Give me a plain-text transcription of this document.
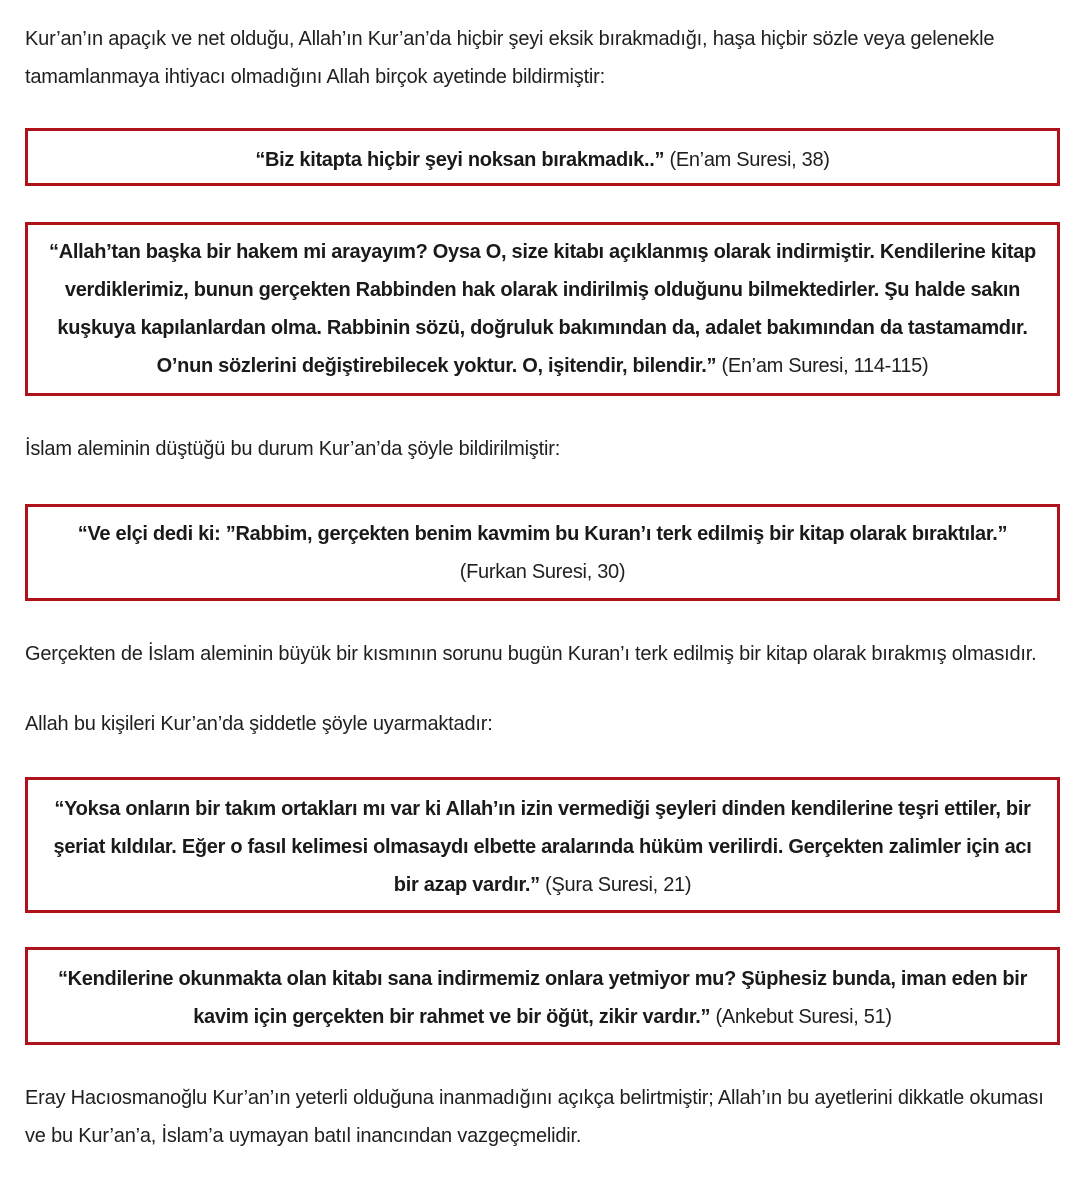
Kur’an’ın apaçık ve net olduğu, Allah’ın Kur’an’da hiçbir şeyi eksik bırakmadığı, haşa hiçbir sözle veya gelenekle tamamlanmaya ihtiyacı olmadığını Allah birçok ayetinde bildirmiştir:

“Biz kitapta hiçbir şeyi noksan bırakmadık..” (En’am Suresi, 38)
“Allah’tan başka bir hakem mi arayayım? Oysa O, size kitabı açıklanmış olarak indirmiştir. Kendilerine kitap verdiklerimiz, bunun gerçekten Rabbinden hak olarak indirilmiş olduğunu bilmektedirler. Şu halde sakın kuşkuya kapılanlardan olma. Rabbinin sözü, doğruluk bakımından da, adalet bakımından da tastamamdır. O’nun sözlerini değiştirebilecek yoktur. O, işitendir, bilendir.” (En’am Suresi, 114-115)

İslam aleminin düştüğü bu durum Kur’an’da şöyle bildirilmiştir:

“Ve elçi dedi ki: ”Rabbim, gerçekten benim kavmim bu Kuran’ı terk edilmiş bir kitap olarak bıraktılar.” (Furkan Suresi, 30)

Gerçekten de İslam aleminin büyük bir kısmının sorunu bugün Kuran’ı terk edilmiş bir kitap olarak bırakmış olmasıdır.

Allah bu kişileri Kur’an’da şiddetle şöyle uyarmaktadır:

“Yoksa onların bir takım ortakları mı var ki Allah’ın izin vermediği şeyleri dinden kendilerine teşri ettiler, bir şeriat kıldılar. Eğer o fasıl kelimesi olmasaydı elbette aralarında hüküm verilirdi. Gerçekten zalimler için acı bir azap vardır.” (Şura Suresi, 21)
“Kendilerine okunmakta olan kitabı sana indirmemiz onlara yetmiyor mu? Şüphesiz bunda, iman eden bir kavim için gerçekten bir rahmet ve bir öğüt, zikir vardır.” (Ankebut Suresi, 51)

Eray Hacıosmanoğlu Kur’an’ın yeterli olduğuna inanmadığını açıkça belirtmiştir; Allah’ın bu ayetlerini dikkatle okuması ve bu Kur’an’a, İslam’a uymayan batıl inancından vazgeçmelidir.
